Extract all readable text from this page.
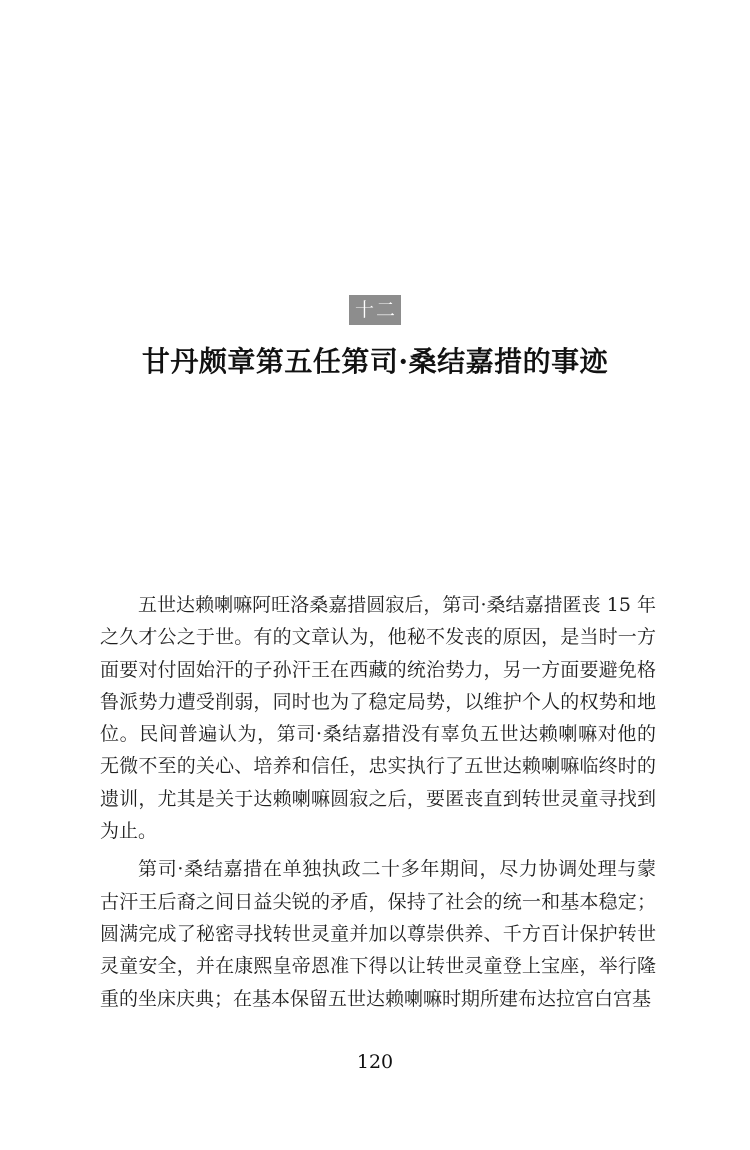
十二
甘丹颇章第五任第司·桑结嘉措的事迹

五世达赖喇嘛阿旺洛桑嘉措圆寂后，第司·桑结嘉措匿丧 15 年之久才公之于世。有的文章认为，他秘不发丧的原因，是当时一方面要对付固始汗的子孙汗王在西藏的统治势力，另一方面要避免格鲁派势力遭受削弱，同时也为了稳定局势，以维护个人的权势和地位。民间普遍认为，第司·桑结嘉措没有辜负五世达赖喇嘛对他的无微不至的关心、培养和信任，忠实执行了五世达赖喇嘛临终时的遗训，尤其是关于达赖喇嘛圆寂之后，要匿丧直到转世灵童寻找到为止。

第司·桑结嘉措在单独执政二十多年期间，尽力协调处理与蒙古汗王后裔之间日益尖锐的矛盾，保持了社会的统一和基本稳定；圆满完成了秘密寻找转世灵童并加以尊崇供养、千方百计保护转世灵童安全，并在康熙皇帝恩准下得以让转世灵童登上宝座，举行隆重的坐床庆典；在基本保留五世达赖喇嘛时期所建布达拉宫白宫基

120
